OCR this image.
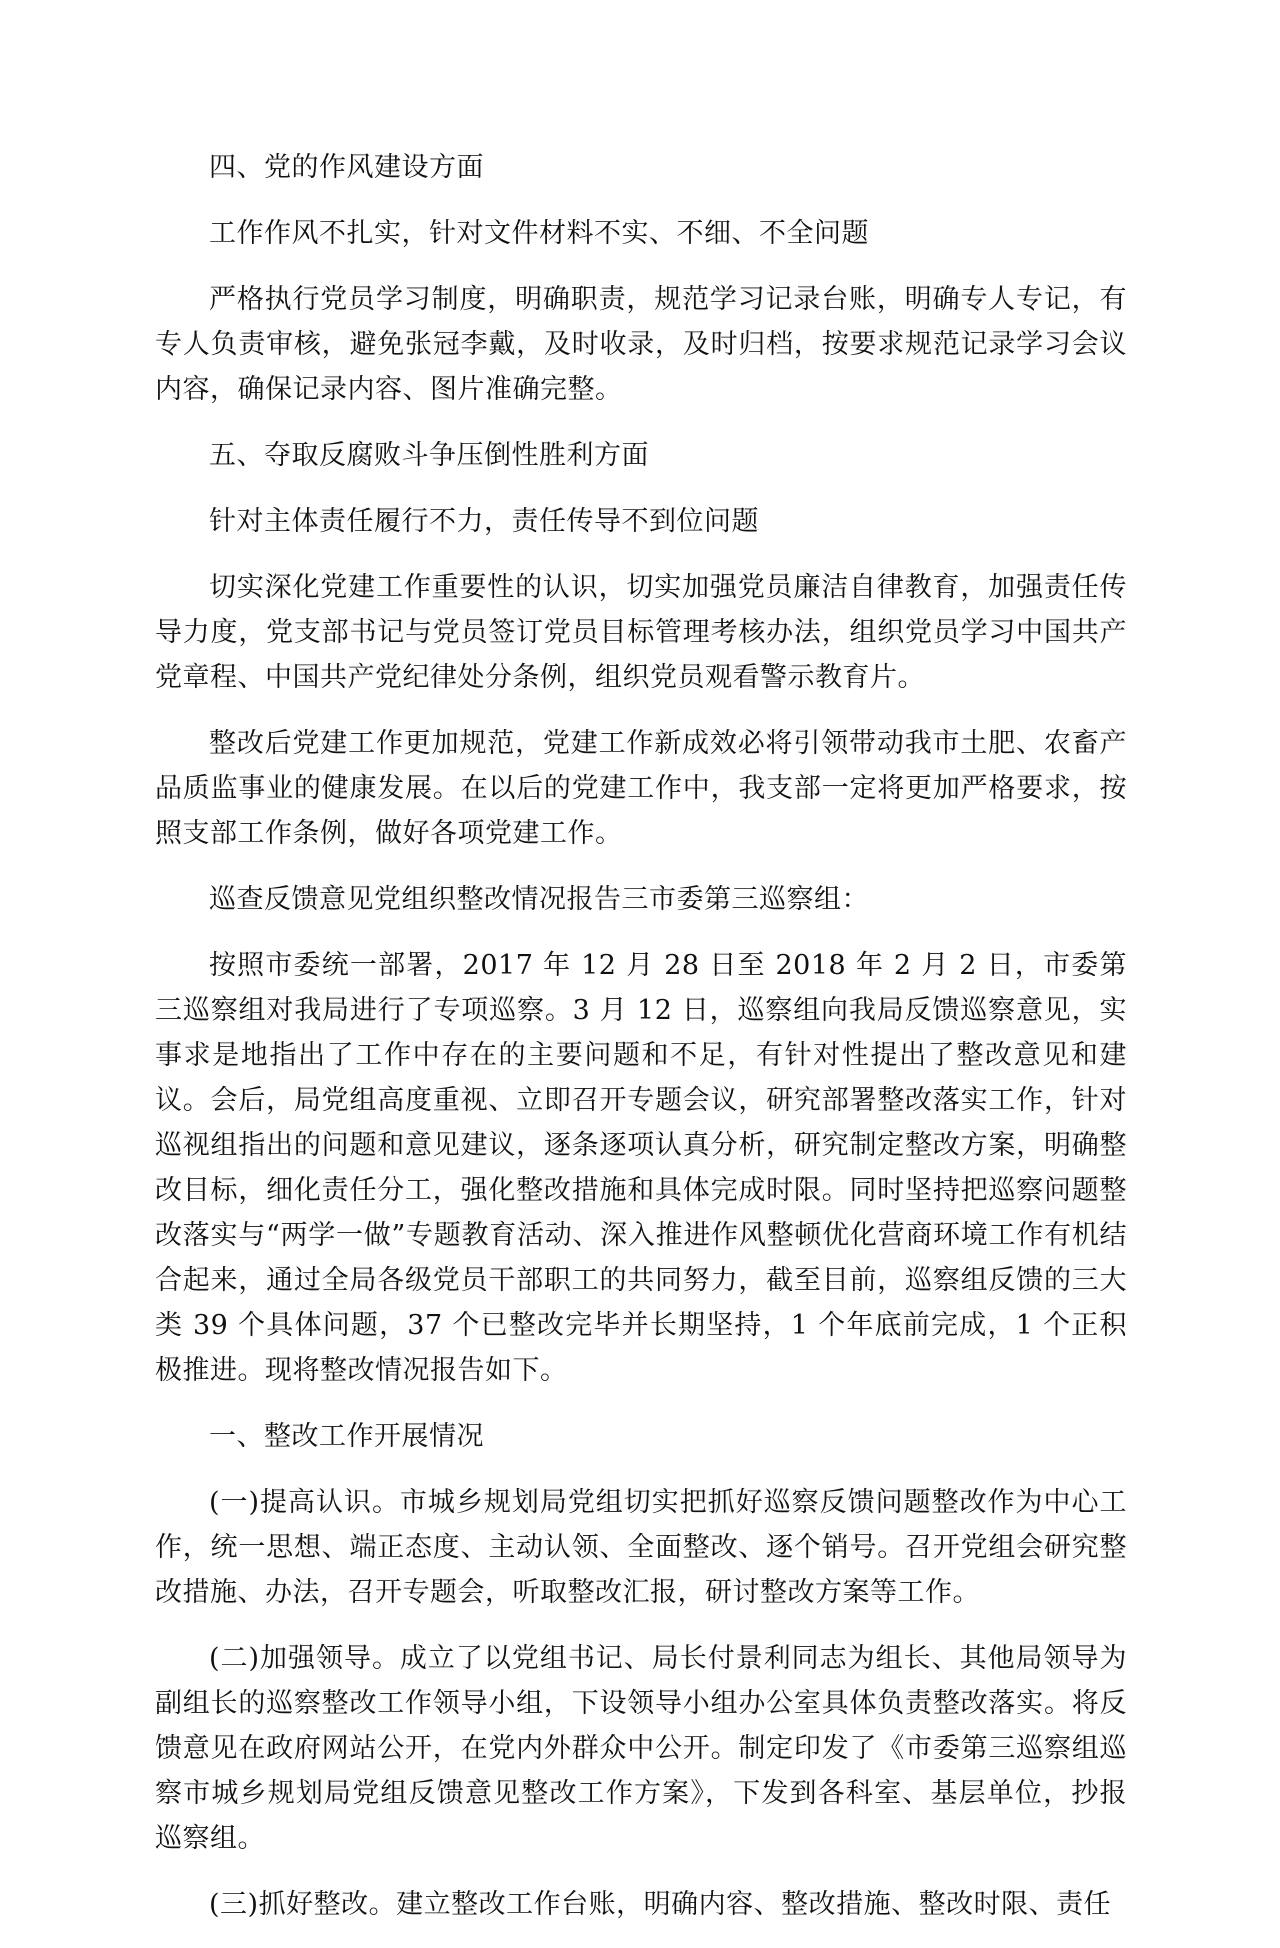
四、党的作风建设方面

工作作风不扎实，针对文件材料不实、不细、不全问题

严格执行党员学习制度，明确职责，规范学习记录台账，明确专人专记，有专人负责审核，避免张冠李戴，及时收录，及时归档，按要求规范记录学习会议内容，确保记录内容、图片准确完整。

五、夺取反腐败斗争压倒性胜利方面

针对主体责任履行不力，责任传导不到位问题

切实深化党建工作重要性的认识，切实加强党员廉洁自律教育，加强责任传导力度，党支部书记与党员签订党员目标管理考核办法，组织党员学习中国共产党章程、中国共产党纪律处分条例，组织党员观看警示教育片。

整改后党建工作更加规范，党建工作新成效必将引领带动我市土肥、农畜产品质监事业的健康发展。在以后的党建工作中，我支部一定将更加严格要求，按照支部工作条例，做好各项党建工作。

巡查反馈意见党组织整改情况报告三市委第三巡察组：

按照市委统一部署，2017 年 12 月 28 日至 2018 年 2 月 2 日，市委第三巡察组对我局进行了专项巡察。3 月 12 日，巡察组向我局反馈巡察意见，实事求是地指出了工作中存在的主要问题和不足，有针对性提出了整改意见和建议。会后，局党组高度重视、立即召开专题会议，研究部署整改落实工作，针对巡视组指出的问题和意见建议，逐条逐项认真分析，研究制定整改方案，明确整改目标，细化责任分工，强化整改措施和具体完成时限。同时坚持把巡察问题整改落实与“两学一做”专题教育活动、深入推进作风整顿优化营商环境工作有机结合起来，通过全局各级党员干部职工的共同努力，截至目前，巡察组反馈的三大类 39 个具体问题，37 个已整改完毕并长期坚持，1 个年底前完成，1 个正积极推进。现将整改情况报告如下。

一、整改工作开展情况

(一)提高认识。市城乡规划局党组切实把抓好巡察反馈问题整改作为中心工作，统一思想、端正态度、主动认领、全面整改、逐个销号。召开党组会研究整改措施、办法，召开专题会，听取整改汇报，研讨整改方案等工作。

(二)加强领导。成立了以党组书记、局长付景利同志为组长、其他局领导为副组长的巡察整改工作领导小组，下设领导小组办公室具体负责整改落实。将反馈意见在政府网站公开，在党内外群众中公开。制定印发了《市委第三巡察组巡察市城乡规划局党组反馈意见整改工作方案》，下发到各科室、基层单位，抄报巡察组。

(三)抓好整改。建立整改工作台账，明确内容、整改措施、整改时限、责任
